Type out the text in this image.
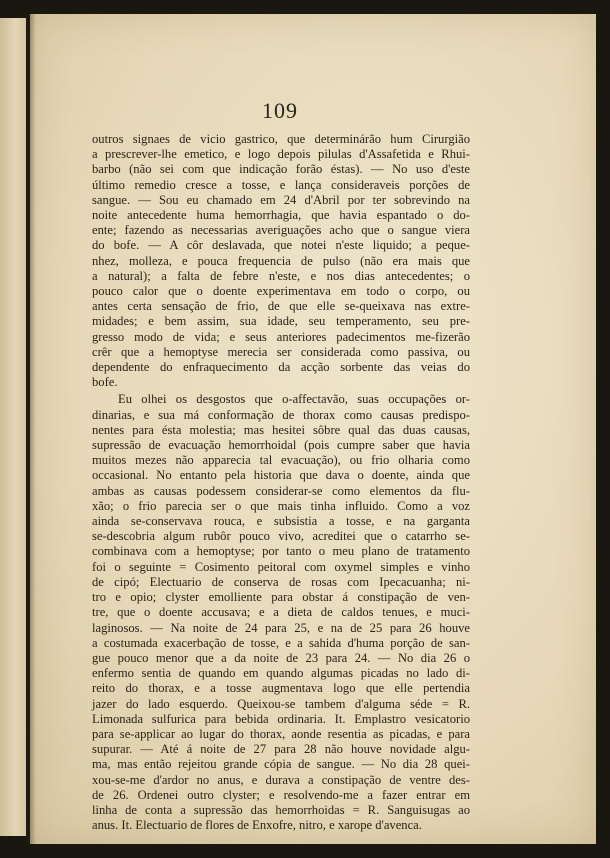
109
outros signaes de vicio gastrico, que determinárão hum Cirurgião
a prescrever-lhe emetico, e logo depois pilulas d'Assafetida e Rhui-
barbo (não sei com que indicação forão éstas). — No uso d'este
último remedio cresce a tosse, e lança consideraveis porções de
sangue. — Sou eu chamado em 24 d'Abril por ter sobrevindo na
noite antecedente huma hemorrhagia, que havia espantado o do-
ente; fazendo as necessarias averiguações acho que o sangue viera
do bofe. — A côr deslavada, que notei n'este liquido; a peque-
nhez, molleza, e pouca frequencia de pulso (não era mais que
a natural); a falta de febre n'este, e nos dias antecedentes; o
pouco calor que o doente experimentava em todo o corpo, ou
antes certa sensação de frio, de que elle se-queixava nas extre-
midades; e bem assim, sua idade, seu temperamento, seu pre-
gresso modo de vida; e seus anteriores padecimentos me-fizerão
crêr que a hemoptyse merecia ser considerada como passiva, ou
dependente do enfraquecimento da acção sorbente das veias do
bofe.
Eu olhei os desgostos que o-affectavão, suas occupações or-
dinarias, e sua má conformação de thorax como causas predispo-
nentes para ésta molestia; mas hesitei sôbre qual das duas causas,
supressão de evacuação hemorrhoidal (pois cumpre saber que havia
muitos mezes não apparecia tal evacuação), ou frio olharia como
occasional. No entanto pela historia que dava o doente, ainda que
ambas as causas podessem considerar-se como elementos da flu-
xão; o frio parecia ser o que mais tinha influido. Como a voz
ainda se-conservava rouca, e subsistia a tosse, e na garganta
se-descobria algum rubôr pouco vivo, acreditei que o catarrho se-
combinava com a hemoptyse; por tanto o meu plano de tratamento
foi o seguinte = Cosimento peitoral com oxymel simples e vinho
de cipó; Electuario de conserva de rosas com Ipecacuanha; ni-
tro e opio; clyster emolliente para obstar á constipação de ven-
tre, que o doente accusava; e a dieta de caldos tenues, e muci-
laginosos. — Na noite de 24 para 25, e na de 25 para 26 houve
a costumada exacerbação de tosse, e a sahida d'huma porção de san-
gue pouco menor que a da noite de 23 para 24. — No dia 26 o
enfermo sentia de quando em quando algumas picadas no lado di-
reito do thorax, e a tosse augmentava logo que elle pertendia
jazer do lado esquerdo. Queixou-se tambem d'alguma séde = R.
Limonada sulfurica para bebida ordinaria. It. Emplastro vesicatorio
para se-applicar ao lugar do thorax, aonde resentia as picadas, e para
supurar. — Até á noite de 27 para 28 não houve novidade algu-
ma, mas então rejeitou grande cópia de sangue. — No dia 28 quei-
xou-se-me d'ardor no anus, e durava a constipação de ventre des-
de 26. Ordenei outro clyster; e resolvendo-me a fazer entrar em
linha de conta a supressão das hemorrhoidas = R. Sanguisugas ao
anus. It. Electuario de flores de Enxofre, nitro, e xarope d'avenca.
